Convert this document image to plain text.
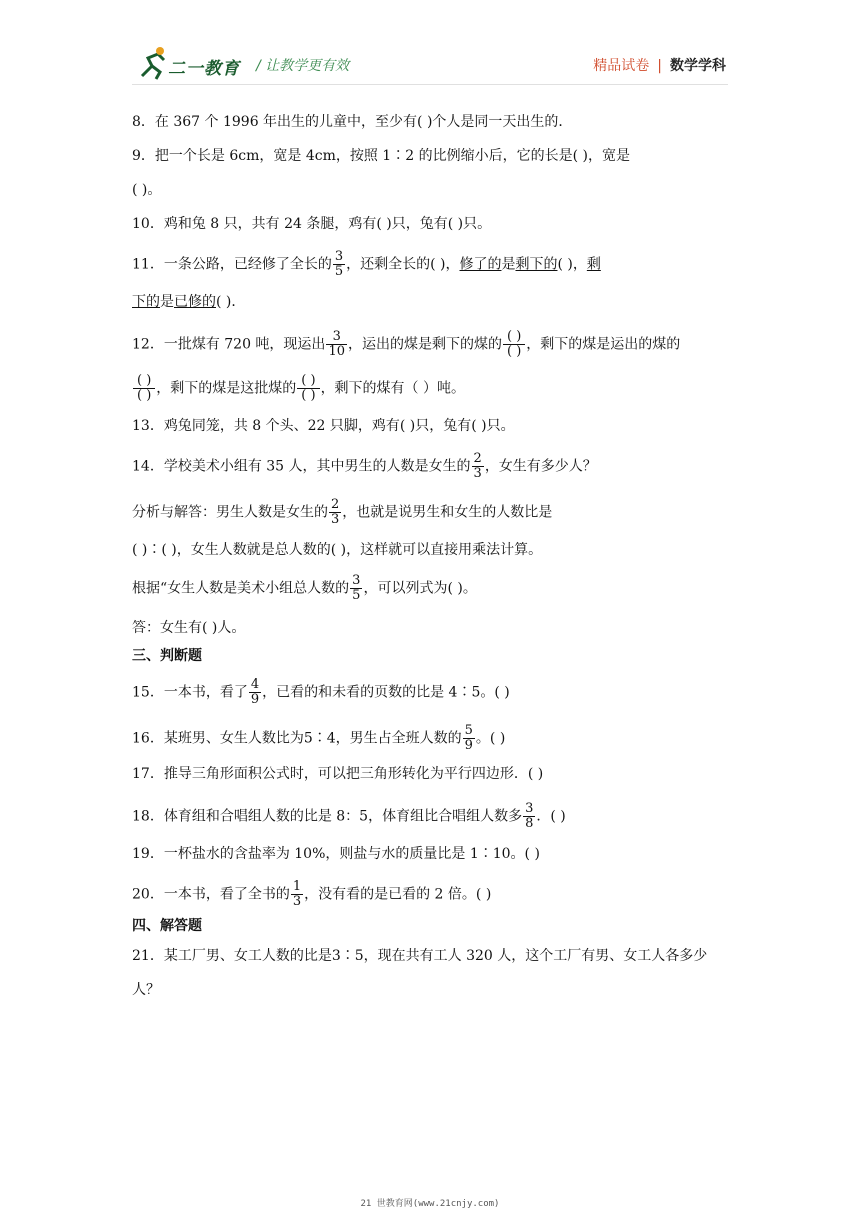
二一教育 / 让教学更有效	精品试卷 | 数学学科
8．在 367 个 1996 年出生的儿童中，至少有( )个人是同一天出生的．
9．把一个长是 6cm，宽是 4cm，按照 1∶2 的比例缩小后，它的长是( )，宽是
( )。
10．鸡和兔 8 只，共有 24 条腿，鸡有( )只，兔有( )只。
11．一条公路，已经修了全长的 $\frac{3}{5}$ ，还剩全长的( )，修了的是剩下的( )，剩
下的是已修的( )．
12．一批煤有 720 吨，现运出 $\frac{3}{10}$ ，运出的煤是剩下的煤的 $\frac{( )}{( )}$ ，剩下的煤是运出的煤的
$\frac{( )}{( )}$ ，剩下的煤是这批煤的 $\frac{( )}{( )}$ ，剩下的煤有（ ）吨。
13．鸡兔同笼，共 8 个头、22 只脚，鸡有( )只，兔有( )只。
14．学校美术小组有 35 人，其中男生的人数是女生的 $\frac{2}{3}$ ，女生有多少人？
分析与解答：男生人数是女生的 $\frac{2}{3}$ ，也就是说男生和女生的人数比是
( )∶( )，女生人数就是总人数的( )，这样就可以直接用乘法计算。
根据“女生人数是美术小组总人数的 $\frac{3}{5}$ ，可以列式为( )。
答：女生有( )人。
三、判断题
15．一本书，看了 $\frac{4}{9}$ ，已看的和未看的页数的比是 4∶5。( )
16．某班男、女生人数比为5∶4，男生占全班人数的 $\frac{5}{9}$ 。( )
17．推导三角形面积公式时，可以把三角形转化为平行四边形．( )
18．体育组和合唱组人数的比是 8：5，体育组比合唱组人数多 $\frac{3}{8}$ ．( )
19．一杯盐水的含盐率为 10%，则盐与水的质量比是 1∶10。( )
20．一本书，看了全书的 $\frac{1}{3}$ ，没有看的是已看的 2 倍。( )
四、解答题
21．某工厂男、女工人数的比是3∶5，现在共有工人 320 人，这个工厂有男、女工人各多少
人？
21 世教育网(www.21cnjy.com)
